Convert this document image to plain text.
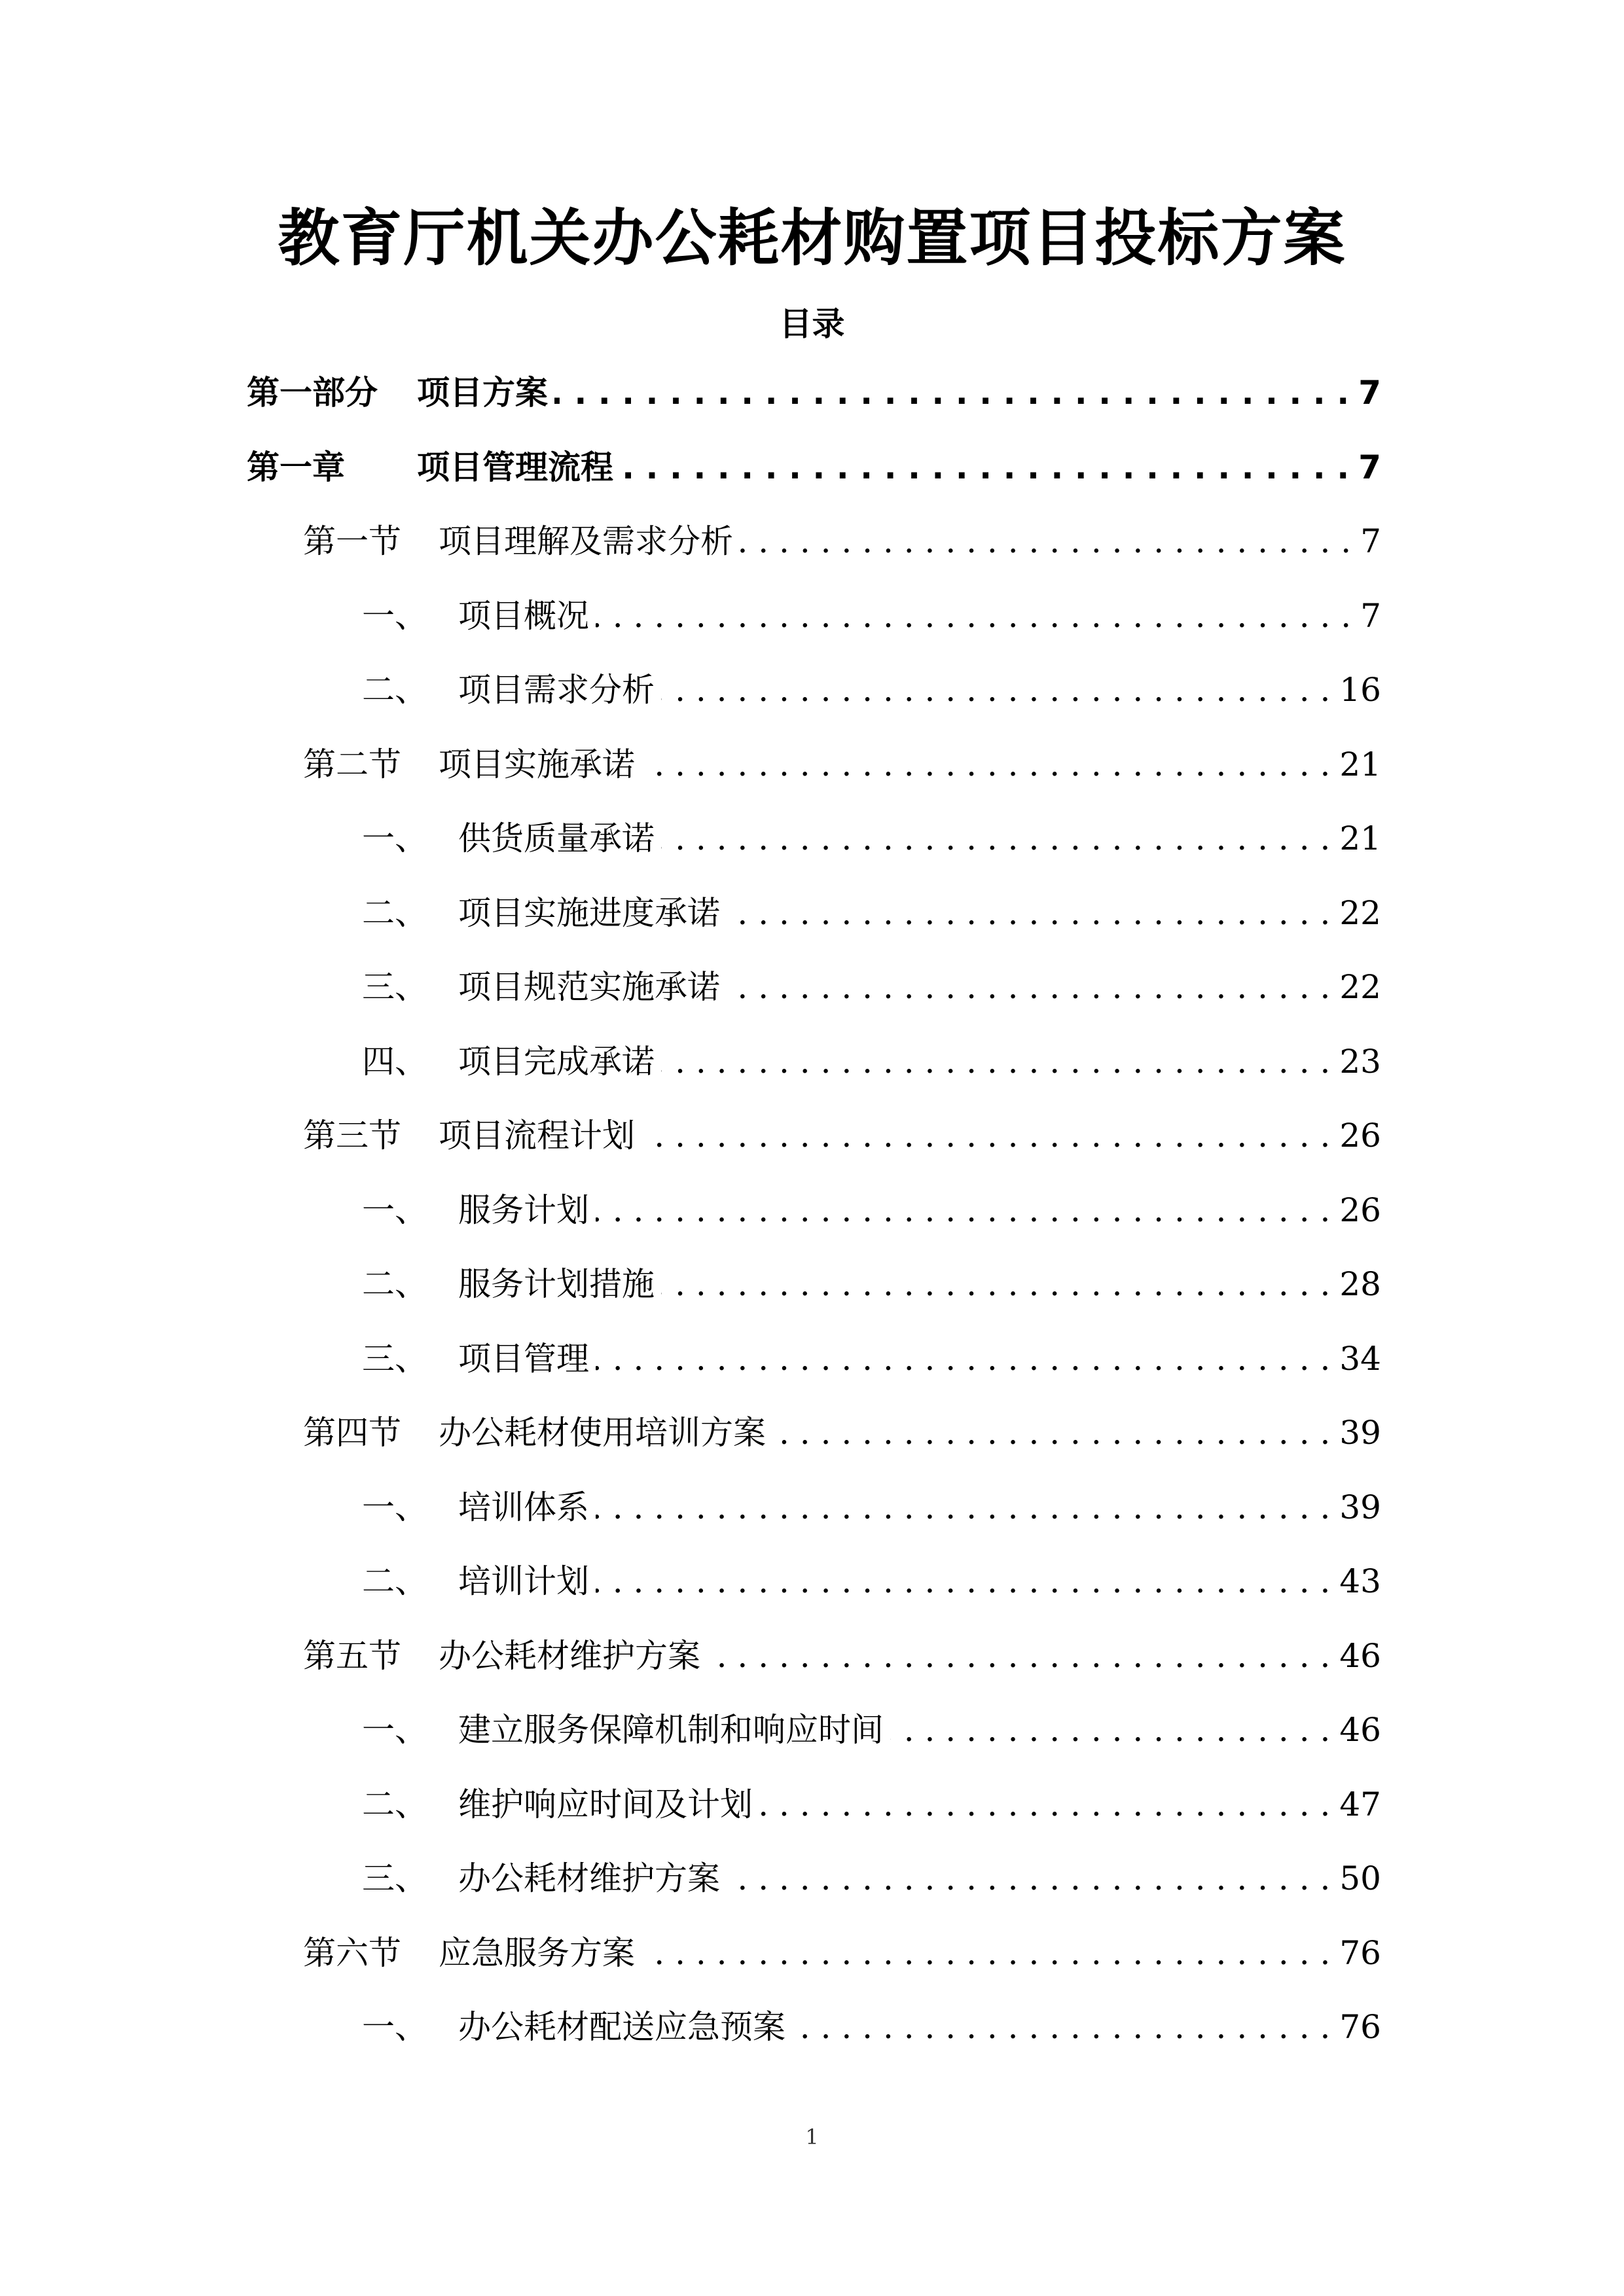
教育厅机关办公耗材购置项目投标方案
目录
第一部分	项目方案 . . .	7
第一章	项目管理流程 . . .	7
第一节	项目理解及需求分析 . . .	7
一、 项目概况 . . .	7
二、 项目需求分析 . . .	16
第二节	项目实施承诺 . . .	21
一、 供货质量承诺 . . .	21
二、 项目实施进度承诺 . . .	22
三、 项目规范实施承诺 . . .	22
四、 项目完成承诺 . . .	23
第三节	项目流程计划 . . .	26
一、 服务计划 . . .	26
二、 服务计划措施 . . .	28
三、 项目管理 . . .	34
第四节	办公耗材使用培训方案 . . .	39
一、 培训体系 . . .	39
二、 培训计划 . . .	43
第五节	办公耗材维护方案 . . .	46
一、 建立服务保障机制和响应时间 . . .	46
二、 维护响应时间及计划 . . .	47
三、 办公耗材维护方案 . . .	50
第六节	应急服务方案 . . .	76
一、 办公耗材配送应急预案 . . .	76
1
